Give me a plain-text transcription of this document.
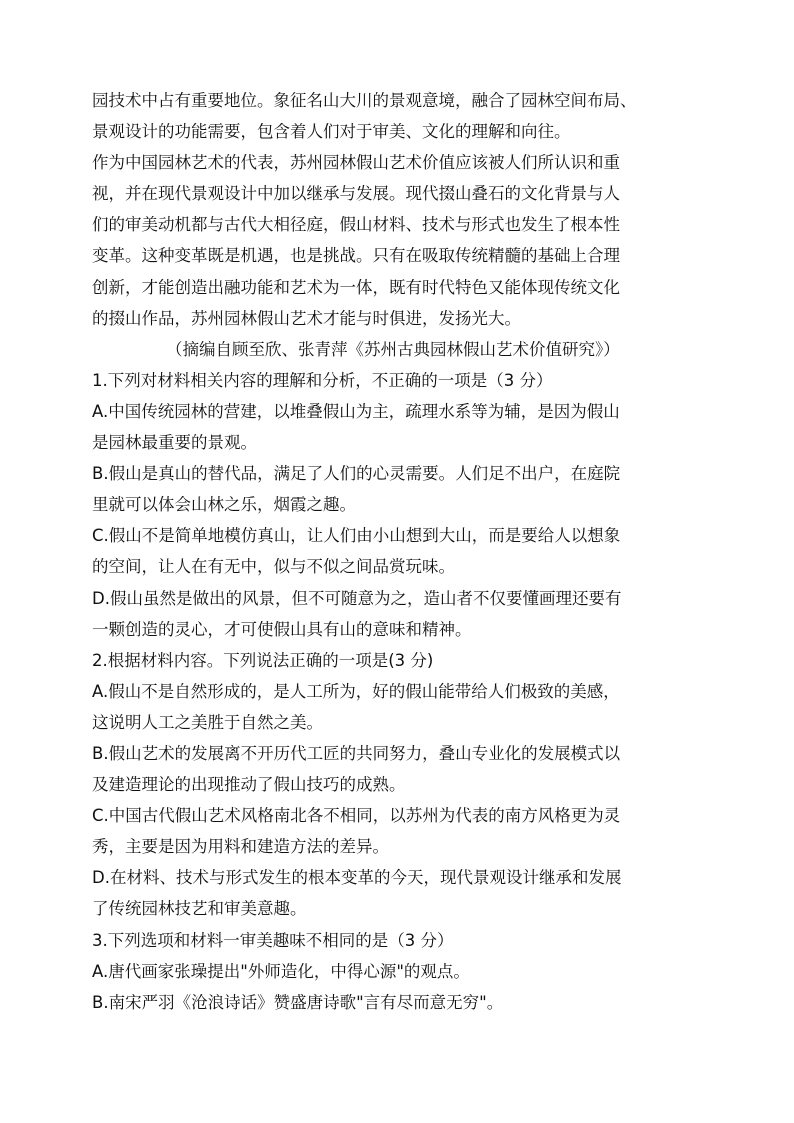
园技术中占有重要地位。象征名山大川的景观意境，融合了园林空间布局、
景观设计的功能需要，包含着人们对于审美、文化的理解和向往。
作为中国园林艺术的代表，苏州园林假山艺术价值应该被人们所认识和重
视，并在现代景观设计中加以继承与发展。现代掇山叠石的文化背景与人
们的审美动机都与古代大相径庭，假山材料、技术与形式也发生了根本性
变革。这种变革既是机遇，也是挑战。只有在吸取传统精髓的基础上合理
创新，才能创造出融功能和艺术为一体，既有时代特色又能体现传统文化
的掇山作品，苏州园林假山艺术才能与时俱进，发扬光大。
（摘编自顾至欣、张青萍《苏州古典园林假山艺术价值研究》）
1.下列对材料相关内容的理解和分析，不正确的一项是（3 分）
A.中国传统园林的营建，以堆叠假山为主，疏理水系等为辅，是因为假山
是园林最重要的景观。
B.假山是真山的替代品，满足了人们的心灵需要。人们足不出户，在庭院
里就可以体会山林之乐，烟霞之趣。
C.假山不是简单地模仿真山，让人们由小山想到大山，而是要给人以想象
的空间，让人在有无中，似与不似之间品赏玩味。
D.假山虽然是做出的风景，但不可随意为之，造山者不仅要懂画理还要有
一颗创造的灵心，才可使假山具有山的意味和精神。
2.根据材料内容。下列说法正确的一项是(3 分)
A.假山不是自然形成的，是人工所为，好的假山能带给人们极致的美感，
这说明人工之美胜于自然之美。
B.假山艺术的发展离不开历代工匠的共同努力，叠山专业化的发展模式以
及建造理论的出现推动了假山技巧的成熟。
C.中国古代假山艺术风格南北各不相同，以苏州为代表的南方风格更为灵
秀，主要是因为用料和建造方法的差异。
D.在材料、技术与形式发生的根本变革的今天，现代景观设计继承和发展
了传统园林技艺和审美意趣。
3.下列选项和材料一审美趣味不相同的是（3 分）
A.唐代画家张璪提出"外师造化，中得心源"的观点。
B.南宋严羽《沧浪诗话》赞盛唐诗歌"言有尽而意无穷"。
